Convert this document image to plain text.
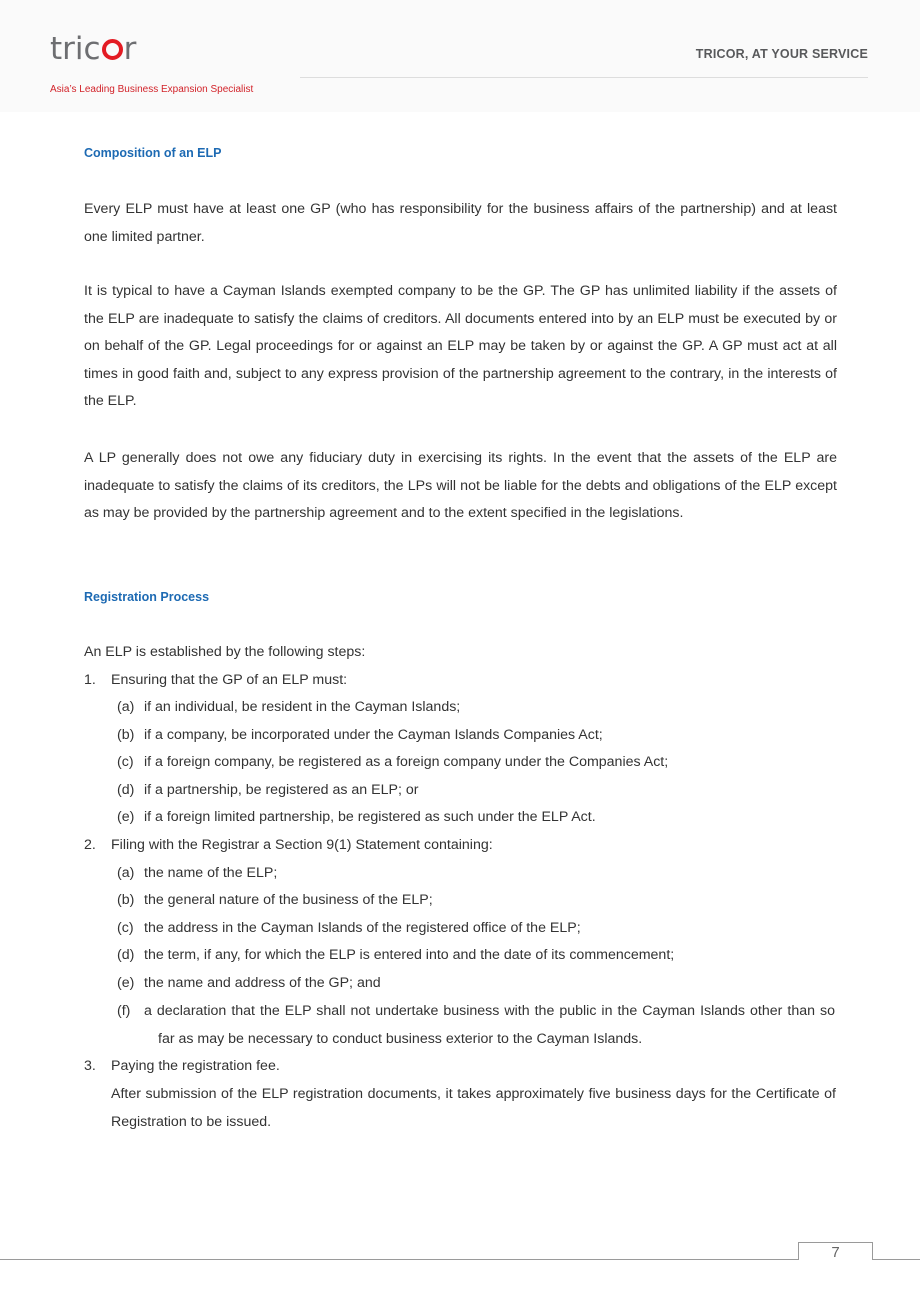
tric r
Asia’s Leading Business Expansion Specialist
TRICOR, AT YOUR SERVICE
Composition of an ELP
Every ELP must have at least one GP (who has responsibility for the business affairs of the partnership) and at least one limited partner.
It is typical to have a Cayman Islands exempted company to be the GP. The GP has unlimited liability if the assets of the ELP are inadequate to satisfy the claims of creditors. All documents entered into by an ELP must be executed by or on behalf of the GP. Legal proceedings for or against an ELP may be taken by or against the GP. A GP must act at all times in good faith and, subject to any express provision of the partnership agreement to the contrary, in the interests of the ELP.
A LP generally does not owe any fiduciary duty in exercising its rights. In the event that the assets of the ELP are inadequate to satisfy the claims of its creditors, the LPs will not be liable for the debts and obligations of the ELP except as may be provided by the partnership agreement and to the extent specified in the legislations.
Registration Process
An ELP is established by the following steps:
1. Ensuring that the GP of an ELP must:
(a) if an individual, be resident in the Cayman Islands;
(b) if a company, be incorporated under the Cayman Islands Companies Act;
(c) if a foreign company, be registered as a foreign company under the Companies Act;
(d) if a partnership, be registered as an ELP; or
(e) if a foreign limited partnership, be registered as such under the ELP Act.
2. Filing with the Registrar a Section 9(1) Statement containing:
(a) the name of the ELP;
(b) the general nature of the business of the ELP;
(c) the address in the Cayman Islands of the registered office of the ELP;
(d) the term, if any, for which the ELP is entered into and the date of its commencement;
(e) the name and address of the GP; and
(f) a declaration that the ELP shall not undertake business with the public in the Cayman Islands other than so far as may be necessary to conduct business exterior to the Cayman Islands.
3. Paying the registration fee.
After submission of the ELP registration documents, it takes approximately five business days for the Certificate of Registration to be issued.
7
